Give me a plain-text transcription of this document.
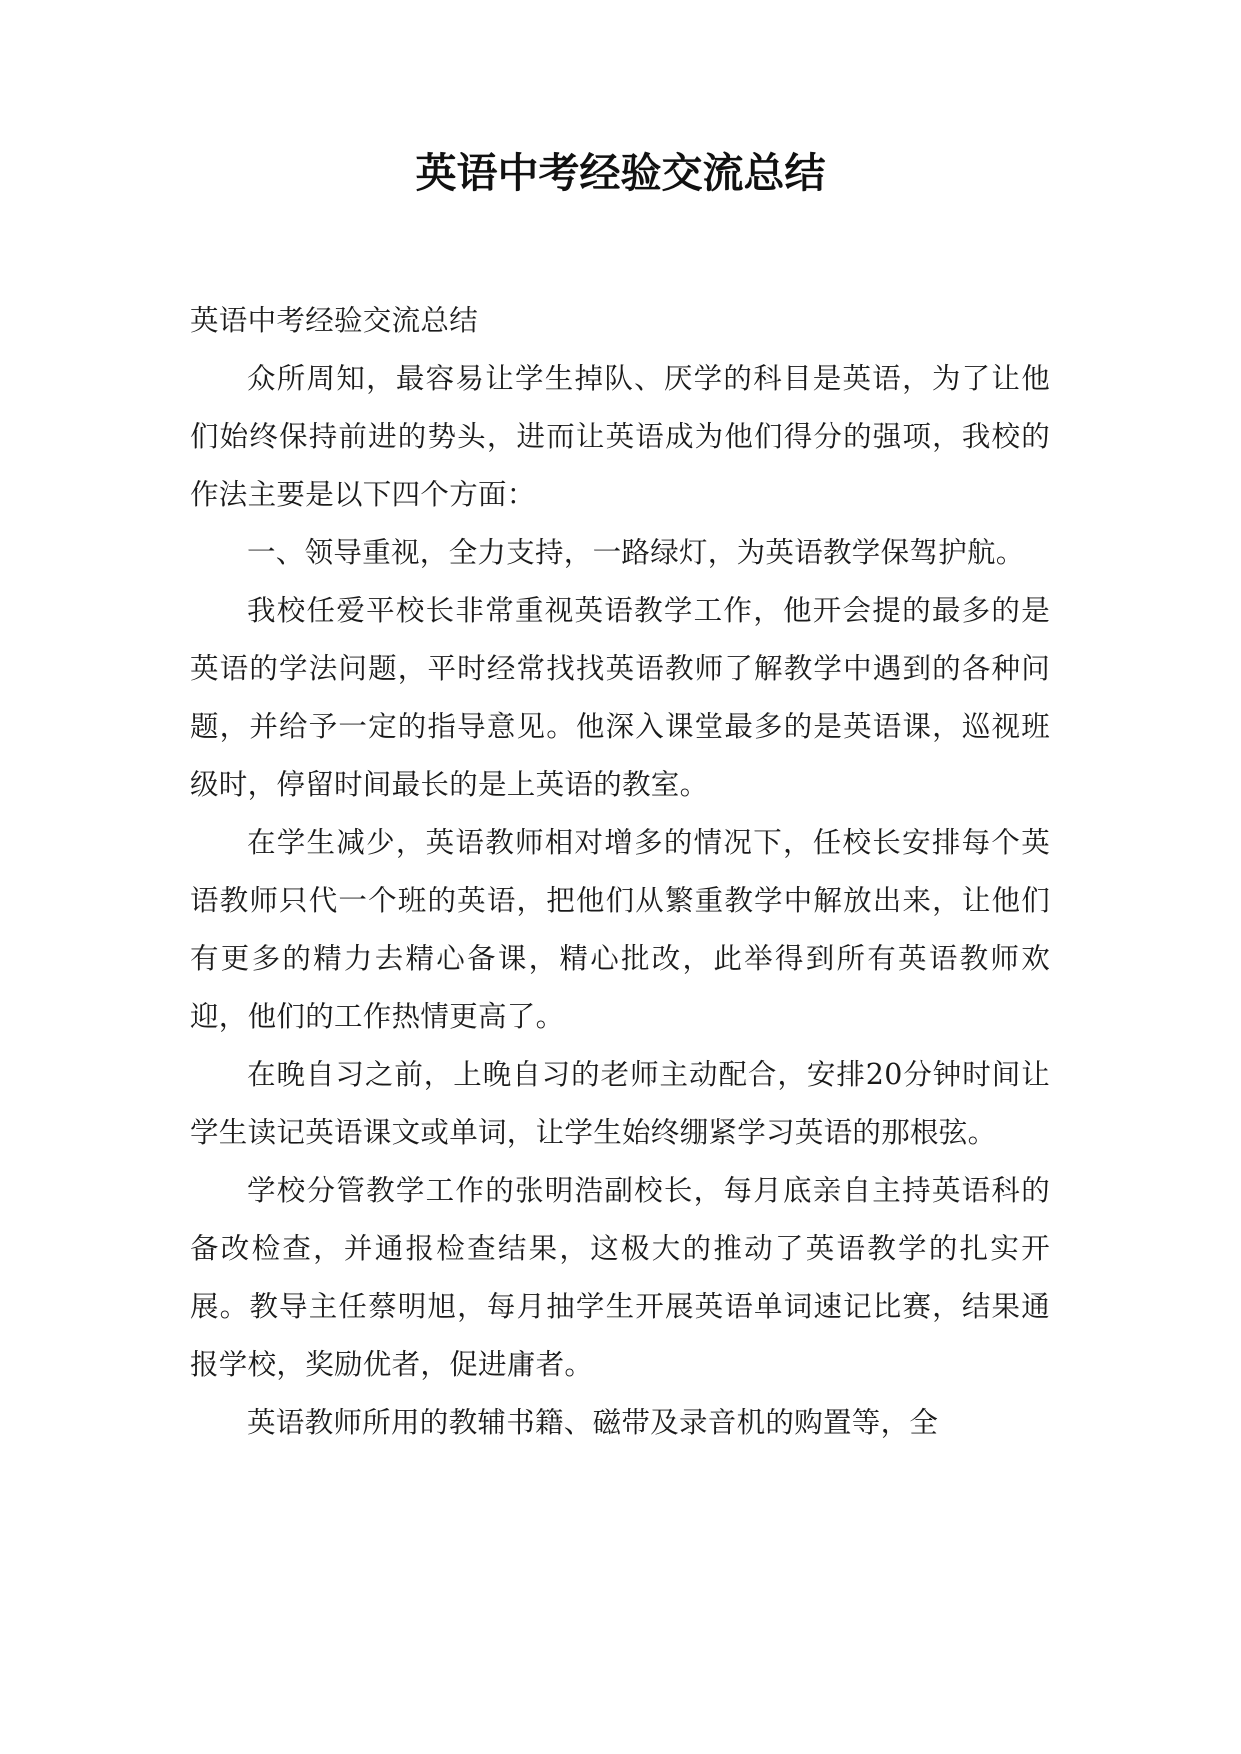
英语中考经验交流总结

英语中考经验交流总结

众所周知，最容易让学生掉队、厌学的科目是英语，为了让他们始终保持前进的势头，进而让英语成为他们得分的强项，我校的作法主要是以下四个方面：

一、领导重视，全力支持，一路绿灯，为英语教学保驾护航。

我校任爱平校长非常重视英语教学工作，他开会提的最多的是英语的学法问题，平时经常找找英语教师了解教学中遇到的各种问题，并给予一定的指导意见。他深入课堂最多的是英语课，巡视班级时，停留时间最长的是上英语的教室。

在学生减少，英语教师相对增多的情况下，任校长安排每个英语教师只代一个班的英语，把他们从繁重教学中解放出来，让他们有更多的精力去精心备课，精心批改，此举得到所有英语教师欢迎，他们的工作热情更高了。

在晚自习之前，上晚自习的老师主动配合，安排20分钟时间让学生读记英语课文或单词，让学生始终绷紧学习英语的那根弦。

学校分管教学工作的张明浩副校长，每月底亲自主持英语科的备改检查，并通报检查结果，这极大的推动了英语教学的扎实开展。教导主任蔡明旭，每月抽学生开展英语单词速记比赛，结果通报学校，奖励优者，促进庸者。

英语教师所用的教辅书籍、磁带及录音机的购置等，全
